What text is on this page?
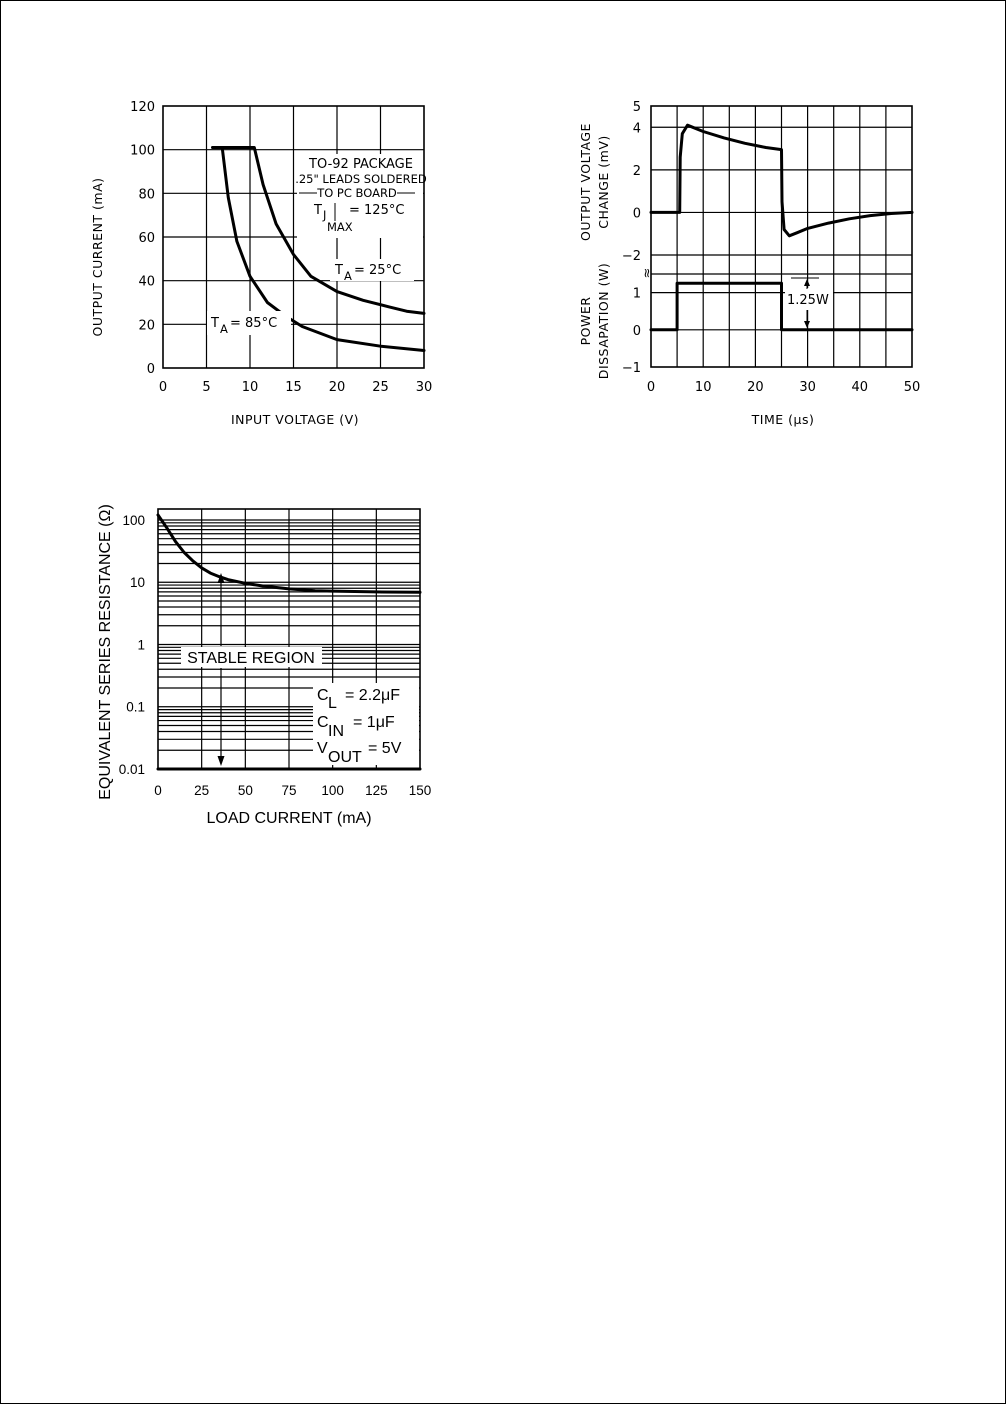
0	5 10 15 20 25 30
0
20
40
60
80
100
120
OUTPUT CURRENT (mA)
INPUT VOLTAGE (V)
TO-92 PACKAGE
.25" LEADS SOLDERED
TO PC BOARD
T J
MAX
= 125°C
T A = 25°C
T A = 85°C
0	10	20	30	40	50
5
4
2
0
−2
1
0
−1
OUTPUT VOLTAGE CHANGE (mV)
POWER DISSAPATION (W)
TIME (μs)
≈
1.25W
0 25 50 75 100 125 150
100
10
1
0.1
0.01
EQUIVALENT SERIES RESISTANCE (Ω)
LOAD CURRENT (mA)
STABLE REGION
C L = 2.2μF
C
IN
= 1μF
V
OUT
= 5V
